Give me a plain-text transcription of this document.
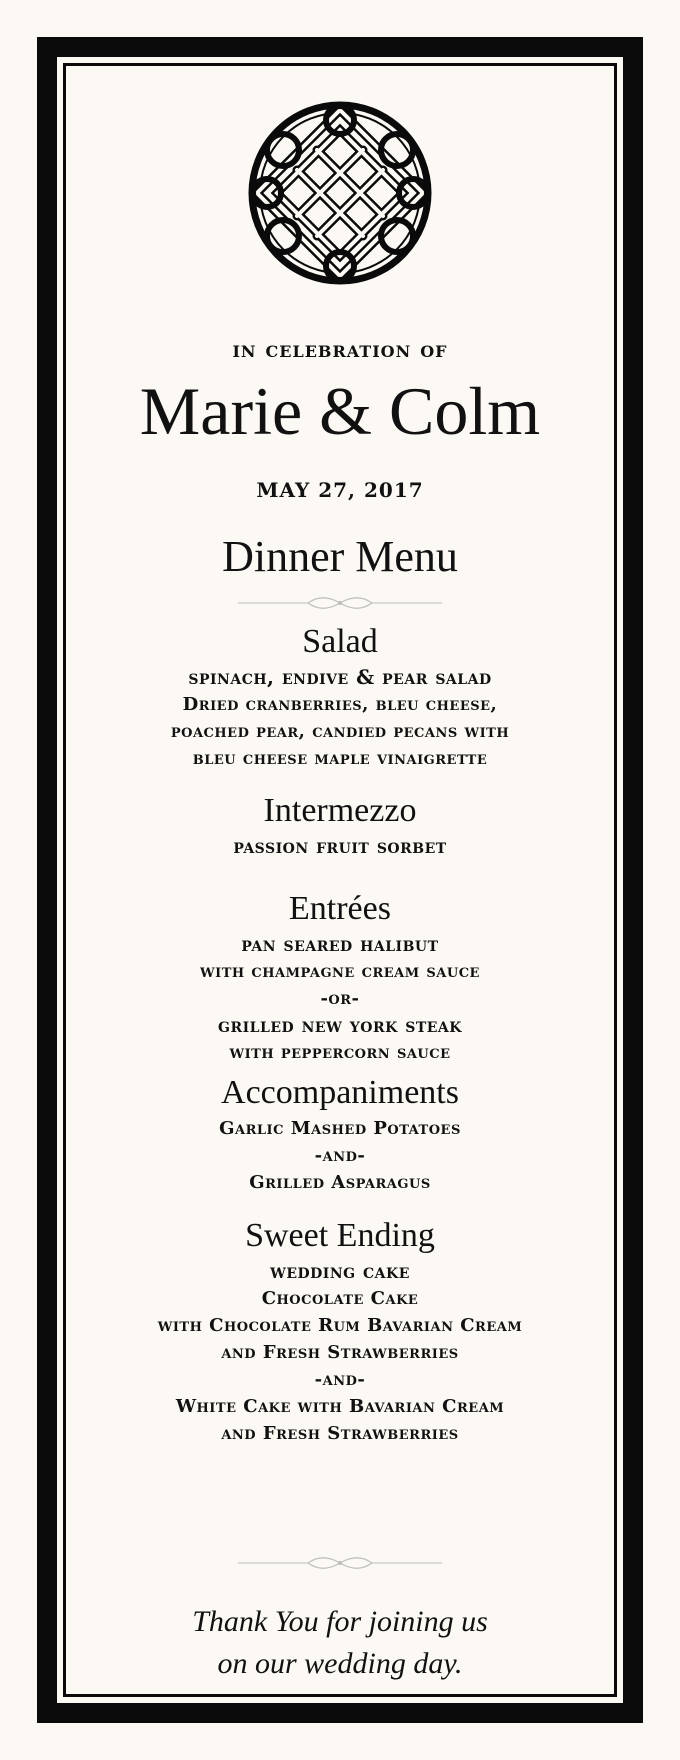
in celebration of
Marie & Colm
MAY 27, 2017
Dinner Menu
Salad
spinach, endive & pear salad
Dried cranberries, bleu cheese,
poached pear, candied pecans with
bleu cheese maple vinaigrette
Intermezzo
passion fruit sorbet
Entrées
pan seared halibut
with champagne cream sauce
-or-
grilled new york steak
with peppercorn sauce
Accompaniments
Garlic Mashed Potatoes
-and-
Grilled Asparagus
Sweet Ending
wedding cake
Chocolate Cake
with Chocolate Rum Bavarian Cream
and Fresh Strawberries
-and-
White Cake with Bavarian Cream
and Fresh Strawberries
Thank You for joining us
on our wedding day.
